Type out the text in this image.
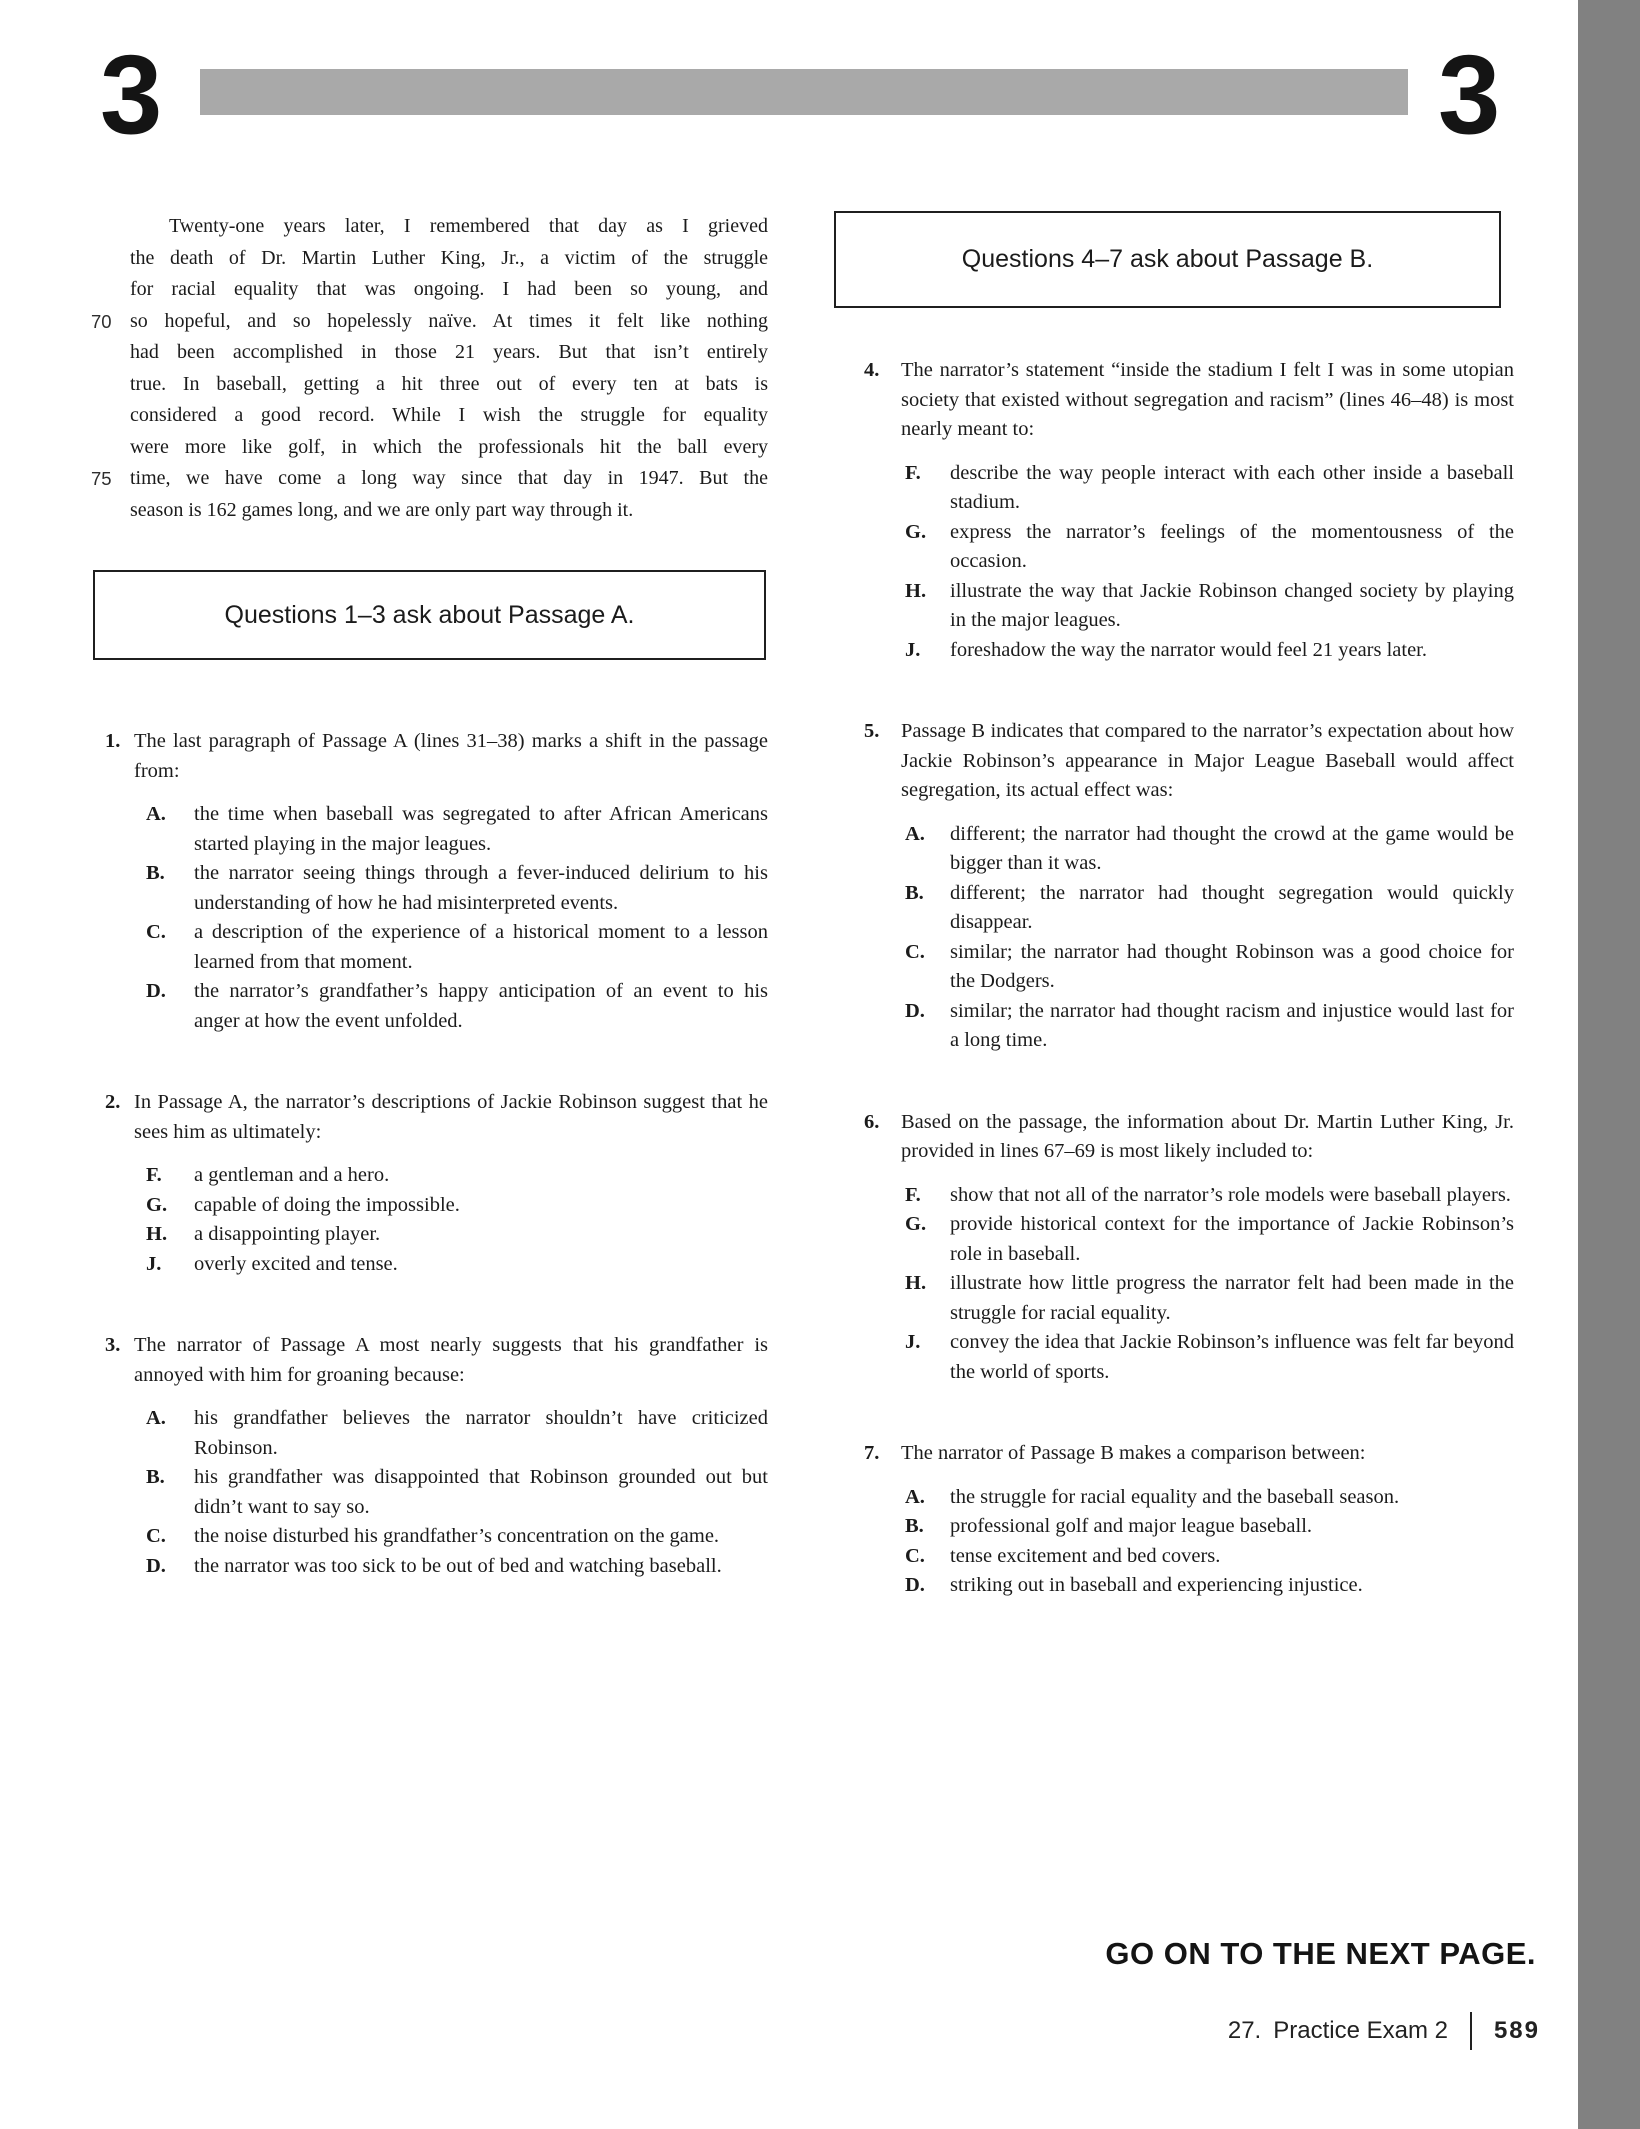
3	3
Twenty-one years later, I remembered that day as I grieved
the death of Dr. Martin Luther King, Jr., a victim of the struggle
for racial equality that was ongoing. I had been so young, and
70 so hopeful, and so hopelessly naïve. At times it felt like nothing
had been accomplished in those 21 years. But that isn’t entirely
true. In baseball, getting a hit three out of every ten at bats is
considered a good record. While I wish the struggle for equality
were more like golf, in which the professionals hit the ball every
75 time, we have come a long way since that day in 1947. But the
season is 162 games long, and we are only part way through it.
Questions 1–3 ask about Passage A.
1. The last paragraph of Passage A (lines 31–38) marks a shift in the passage from:
A. the time when baseball was segregated to after African Americans started playing in the major leagues.
B. the narrator seeing things through a fever-induced delirium to his understanding of how he had misinterpreted events.
C. a description of the experience of a historical moment to a lesson learned from that moment.
D. the narrator’s grandfather’s happy anticipation of an event to his anger at how the event unfolded.
2. In Passage A, the narrator’s descriptions of Jackie Robinson suggest that he sees him as ultimately:
F. a gentleman and a hero.
G. capable of doing the impossible.
H. a disappointing player.
J. overly excited and tense.
3. The narrator of Passage A most nearly suggests that his grandfather is annoyed with him for groaning because:
A. his grandfather believes the narrator shouldn’t have criticized Robinson.
B. his grandfather was disappointed that Robinson grounded out but didn’t want to say so.
C. the noise disturbed his grandfather’s concentration on the game.
D. the narrator was too sick to be out of bed and watching baseball.
Questions 4–7 ask about Passage B.
4. The narrator’s statement “inside the stadium I felt I was in some utopian society that existed without segregation and racism” (lines 46–48) is most nearly meant to:
F. describe the way people interact with each other inside a baseball stadium.
G. express the narrator’s feelings of the momentousness of the occasion.
H. illustrate the way that Jackie Robinson changed society by playing in the major leagues.
J. foreshadow the way the narrator would feel 21 years later.
5. Passage B indicates that compared to the narrator’s expectation about how Jackie Robinson’s appearance in Major League Baseball would affect segregation, its actual effect was:
A. different; the narrator had thought the crowd at the game would be bigger than it was.
B. different; the narrator had thought segregation would quickly disappear.
C. similar; the narrator had thought Robinson was a good choice for the Dodgers.
D. similar; the narrator had thought racism and injustice would last for a long time.
6. Based on the passage, the information about Dr. Martin Luther King, Jr. provided in lines 67–69 is most likely included to:
F. show that not all of the narrator’s role models were baseball players.
G. provide historical context for the importance of Jackie Robinson’s role in baseball.
H. illustrate how little progress the narrator felt had been made in the struggle for racial equality.
J. convey the idea that Jackie Robinson’s influence was felt far beyond the world of sports.
7. The narrator of Passage B makes a comparison between:
A. the struggle for racial equality and the baseball season.
B. professional golf and major league baseball.
C. tense excitement and bed covers.
D. striking out in baseball and experiencing injustice.
GO ON TO THE NEXT PAGE.
27. Practice Exam 2 589
